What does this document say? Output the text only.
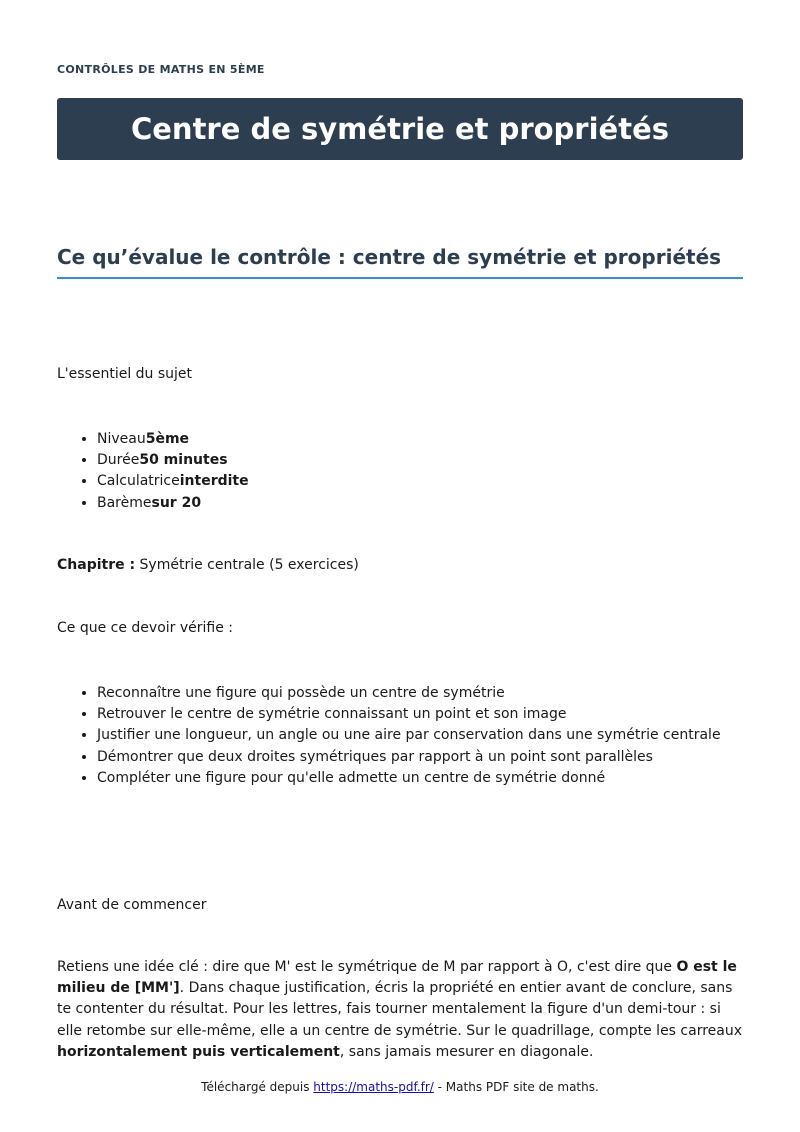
CONTRÔLES DE MATHS EN 5ÈME
Centre de symétrie et propriétés
Ce qu’évalue le contrôle : centre de symétrie et propriétés

L'essentiel du sujet

• Niveau5ème
• Durée50 minutes
• Calculatriceinterdite
• Barèmesur 20

Chapitre : Symétrie centrale (5 exercices)

Ce que ce devoir vérifie :

• Reconnaître une figure qui possède un centre de symétrie
• Retrouver le centre de symétrie connaissant un point et son image
• Justifier une longueur, un angle ou une aire par conservation dans une symétrie centrale
• Démontrer que deux droites symétriques par rapport à un point sont parallèles
• Compléter une figure pour qu'elle admette un centre de symétrie donné

Avant de commencer

Retiens une idée clé : dire que M' est le symétrique de M par rapport à O, c'est dire que O est le milieu de [MM']. Dans chaque justification, écris la propriété en entier avant de conclure, sans te contenter du résultat. Pour les lettres, fais tourner mentalement la figure d'un demi-tour : si elle retombe sur elle-même, elle a un centre de symétrie. Sur le quadrillage, compte les carreaux horizontalement puis verticalement, sans jamais mesurer en diagonale.

Téléchargé depuis https://maths-pdf.fr/ - Maths PDF site de maths.
